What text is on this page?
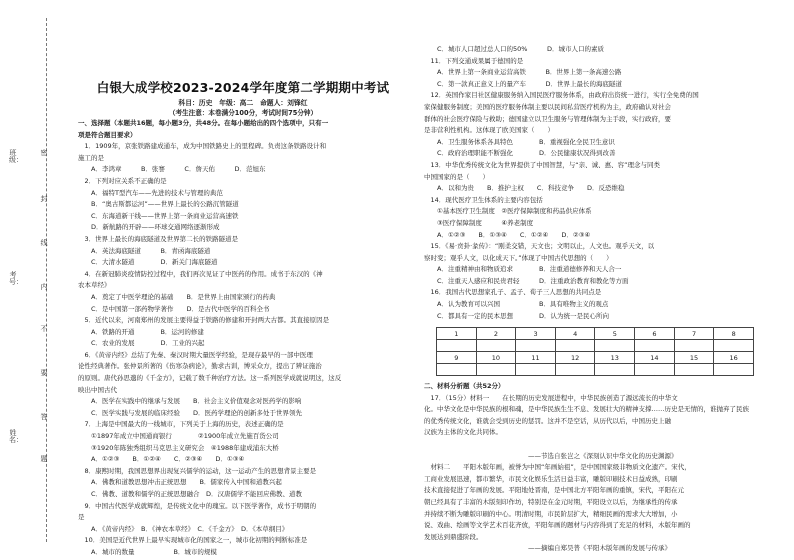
班级：
考号：
姓名：
密
封
线
内
不
要
答
题
白银大成学校2023-2024学年度第二学期期中考试
科目：历史　年级：高二　命题人：刘锋红
（考生注意：本卷满分100分，考试时间75分钟）
一、选择题（本题共16题，每小题3分，共48分。在每小题给出的四个选项中，只有一
项是符合题目要求）
　1．1909年，京张铁路建成通车，成为中国铁路史上的里程碑。负责这条铁路设计和
施工的是
　　A．李鸿章　　　B．张謇　　　C．詹天佑　　　D．范旭东
　2．下列对应关系不正确的是
　　A．福特T型汽车——先进的技术与管理的典范
　　B．“奥古斯都运河”——世界上最长的公路沉管隧道
　　C．东海道新干线——世界上第一条商业运营高速铁
　　D．新航路的开辟——环球交通网络逐渐形成
　3．世界上最长的海底隧道及世界第二长的铁路隧道是
　　A．英法海底隧道　　　B．青函海底隧道
　　C．大清水隧道　　　　D．新关门海底隧道
　4．在新冠肺炎疫情防控过程中，我们再次见证了中医药的作用。成书于东汉的《神
农本草经》
　　A．奠定了中医学理论的基础　　B．是世界上由国家颁行的药典
　　C．是中国第一部药物学著作　　D．是古代中医学的百科全书
　5．近代以来，河南郑州的发展主要得益于铁路的修建和开封两大古都。其直接原因是
　　A．铁路的开通　　　　B．运河的修建
　　C．农业的发展　　　　D．工业的兴起
　6．《黄帝内经》总结了先秦、秦汉时期大量医学经验，是现存最早的一部中医理
论性经典著作。张仲景所著的《伤寒杂病论》，勤求古训，博采众方，提出了辨证施治
的原则。唐代孙思邈的《千金方》，记载了数千种治疗方法。这一系列医学成就说明这，这反
映出中国古代
　　A．医学在实践中的继承与发展　　B．社会主义价值观念对医药学的影响
　　C．医学实践与发展的临床经验　　D．医药学理论的创新多处于世界领先
　7．上海是中国最大的一线城市，下列关于上海的历史，表述正确的是
　　①1897年成立中国通商银行　　　　②1900年成立先施百货公司
　　③1920年陈独秀组织马克思主义研究会　④1988年建成浦东大桥
　　A．①②③　　B．①②④　　C．②③④　　D．①③④
　8．康熙时期，我国思想界出现复兴儒学的运动，这一运动产生的思想背景主要是
　　A．佛教和道教思想冲击正统思想　　B．儒家传入中国和道教兴起
　　C．佛教、道教和儒学的正统思想融合　D．汉唐儒学不能回应佛教、道教
　9．中国古代医学成就辉煌，是传统文化中的瑰宝。以下医学著作，成书于明朝的
是
　　A．《黄帝内经》　B．《神农本草经》　C．《千金方》　D．《本草纲目》
　10．美国是近代世界上最早实现城市化的国家之一，城市化初期的判断标准是
　　A．城市的数量　　　　　　B．城市的规模
　　C．城市人口超过总人口的50%　　　D．城市人口的素质
　11．下列交通成果属于德国的是
　　A．世界上第一条商业运营高铁　　　B．世界上第一条高速公路
　　C．第一款真正意义上的量产车　　　D．世界上最长的海底隧道
　12．英国作家目社区健康服务纳入国民医疗服务体系，由政府出资统一进行，实行全免费的国
家保健服务制度；美国的医疗服务体制主要以民间私营医疗机构为主，政府确认对社会
群体的社会医疗保险与救助；德国建立以卫生服务与管理体制为主手段，实行政府，要
是非营利性机构。这体现了欧美国家（　　）
　　A．卫生服务体系各具特色　　　　B．重视强化全民卫生意识
　　C．政府治理职能不断强化　　　　D．公民健康状况得到改善
　13．中华优秀传统文化为世界提供了中国智慧，与“亲、诚、惠、容”理念与同类
中国国家的是（　　）
　　A．以和为贵　　B．推护主权　　C．科技竞争　　D．反恐维稳
　14．现代医疗卫生体系的主要内容包括
　　①基本医疗卫生制度　②医疗保障制度和药品供应体系
　　③医疗保障制度　　　④养老制度
　　A．①②③　　B．①③④　　C．①②④　　D．②③④
　15．《易·贲卦·彖传》：“刚柔交错，天文也；文明以止，人文也。观乎天文，以
察时变；观乎人文，以化成天下。”体现了中国古代思想的（　　）
　　A．注重精神由和物质追求　　　　B．注重道德修养和天人合一
　　C．注重天人感应和民贵君轻　　　D．注重政治教育和教化等方面
　16．我国古代思想家孔子、孟子、荀子三人思想的共同点是
　　A．认为教育可以兴国　　　　　　B．具有唯物主义的观点
　　C．都具有一定的民本思想　　　　D．认为统一是民心所向
1	2	3	4	5	6	7	8

9	10	11	12	13	14	15	16

二、材料分析题（共52分）
　17．（15分）材料一　　在长期的历史发展进程中，中华民族创造了源远流长的中华文
化。中华文化是中华民族的根和魂，是中华民族生生不息、发展壮大的精神支撑……历史是无情的，谁抛弃了民族
的优秀传统文化，谁就会受到历史的惩罚。这并不是空话，从历代以后，中国历史上融
汉族为主体的文化共同体。
　　　　　　　　　　　　　　　　——节选自张岂之《深刻认识中华文化的历史渊源》
　材料二　　平阳木版年画，被誉为中国“年画始祖”，是中国国家级非物质文化遗产。宋代，
工商业发展迅速，都市繁华，市民文化娱乐生活日益丰富，雕版印刷技术日益成熟，印刷
技术直接促进了年画的发展。平阳地处晋南，是中国北方平阳年画的重镇，宋代，平阳在元
朝已经具有了丰富的木版刻印作坊，特别是在金元时期，平阳设立以后，为继承性的传承
并持续不断为雕版印刷的中心。明清时期，市民阶层扩大，精细民画的需求大大增加，小
说、戏曲、绘画等文学艺术百花齐放，平阳年画的题材与内容得到了充足的材料，木版年画的
发展达到鼎盛阶段。
　　　　　　　　　　　　　　　　——摘编自郑昊普《平阳木版年画的发展与传承》
